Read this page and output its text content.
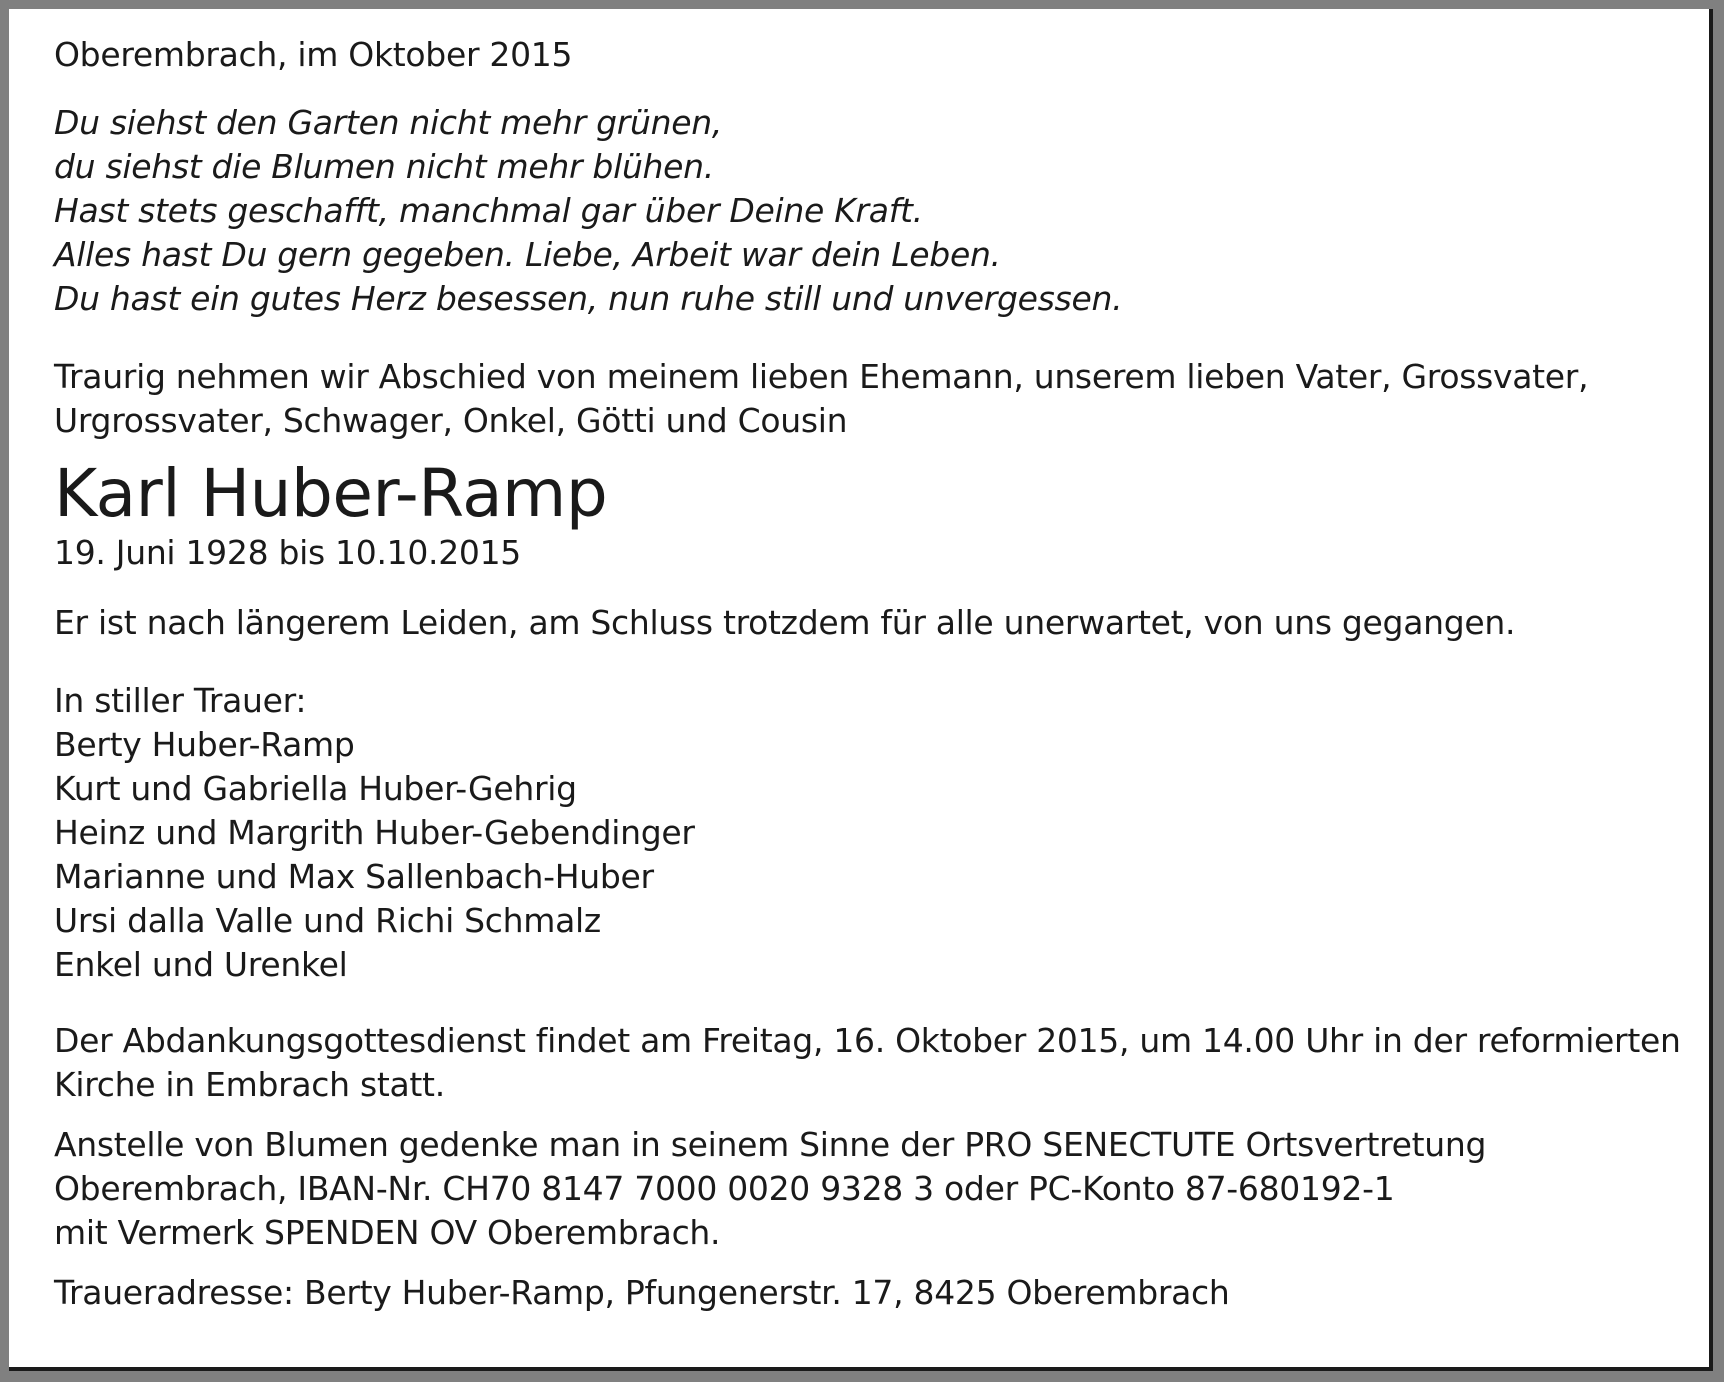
Oberembrach, im Oktober 2015
Du siehst den Garten nicht mehr grünen,
du siehst die Blumen nicht mehr blühen.
Hast stets geschafft, manchmal gar über Deine Kraft.
Alles hast Du gern gegeben. Liebe, Arbeit war dein Leben.
Du hast ein gutes Herz besessen, nun ruhe still und unvergessen.
Traurig nehmen wir Abschied von meinem lieben Ehemann, unserem lieben Vater, Grossvater,
Urgrossvater, Schwager, Onkel, Götti und Cousin
Karl Huber-Ramp
19. Juni 1928 bis 10.10.2015
Er ist nach längerem Leiden, am Schluss trotzdem für alle unerwartet, von uns gegangen.
In stiller Trauer:
Berty Huber-Ramp
Kurt und Gabriella Huber-Gehrig
Heinz und Margrith Huber-Gebendinger
Marianne und Max Sallenbach-Huber
Ursi dalla Valle und Richi Schmalz
Enkel und Urenkel
Der Abdankungsgottesdienst findet am Freitag, 16. Oktober 2015, um 14.00 Uhr in der reformierten
Kirche in Embrach statt.
Anstelle von Blumen gedenke man in seinem Sinne der PRO SENECTUTE Ortsvertretung
Oberembrach, IBAN-Nr. CH70 8147 7000 0020 9328 3 oder PC-Konto 87-680192-1
mit Vermerk SPENDEN OV Oberembrach.
Traueradresse: Berty Huber-Ramp, Pfungenerstr. 17, 8425 Oberembrach
